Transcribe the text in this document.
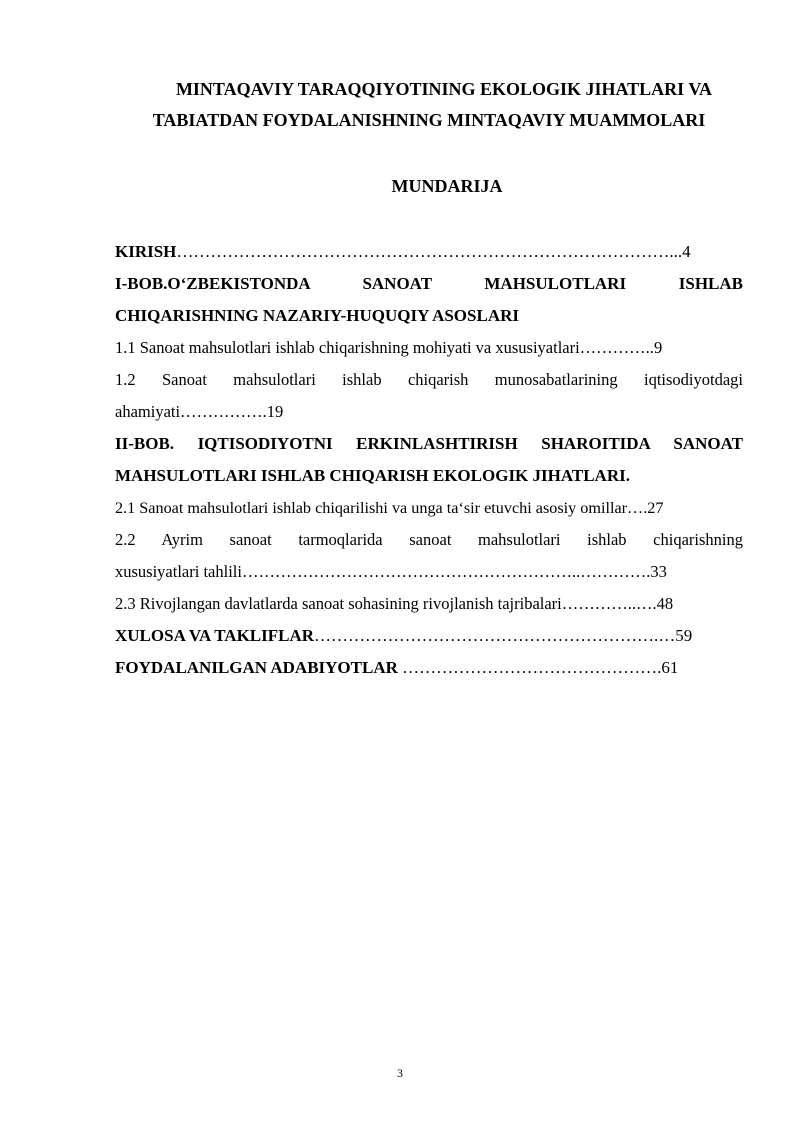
MINTAQAVIY TARAQQIYOTINING EKOLOGIK JIHATLARI VA
TABIATDAN FOYDALANISHNING MINTAQAVIY MUAMMOLARI
MUNDARIJA
KIRISH……………………………………………………………………………...4
I-BOB.O‘ZBEKISTONDA SANOAT MAHSULOTLARI ISHLAB
CHIQARISHNING NAZARIY-HUQUQIY ASOSLARI
1.1 Sanoat mahsulotlari ishlab chiqarishning mohiyati va xususiyatlari…………..9
1.2 Sanoat mahsulotlari ishlab chiqarish munosabatlarining iqtisodiyotdagi
ahamiyati…………….19
II-BOB. IQTISODIYOTNI ERKINLASHTIRISH SHAROITIDA SANOAT
MAHSULOTLARI ISHLAB CHIQARISH EKOLOGIK JIHATLARI.
2.1 Sanoat mahsulotlari ishlab chiqarilishi va unga ta‘sir etuvchi asosiy omillar….27
2.2 Ayrim sanoat tarmoqlarida sanoat mahsulotlari ishlab chiqarishning
xususiyatlari tahlili……………………………………………………..………….33
2.3 Rivojlangan davlatlarda sanoat sohasining rivojlanish tajribalari…………..….48
XULOSA VA TAKLIFLAR…………………………………………………….…59
FOYDALANILGAN ADABIYOTLAR ……………………………………….61
3
